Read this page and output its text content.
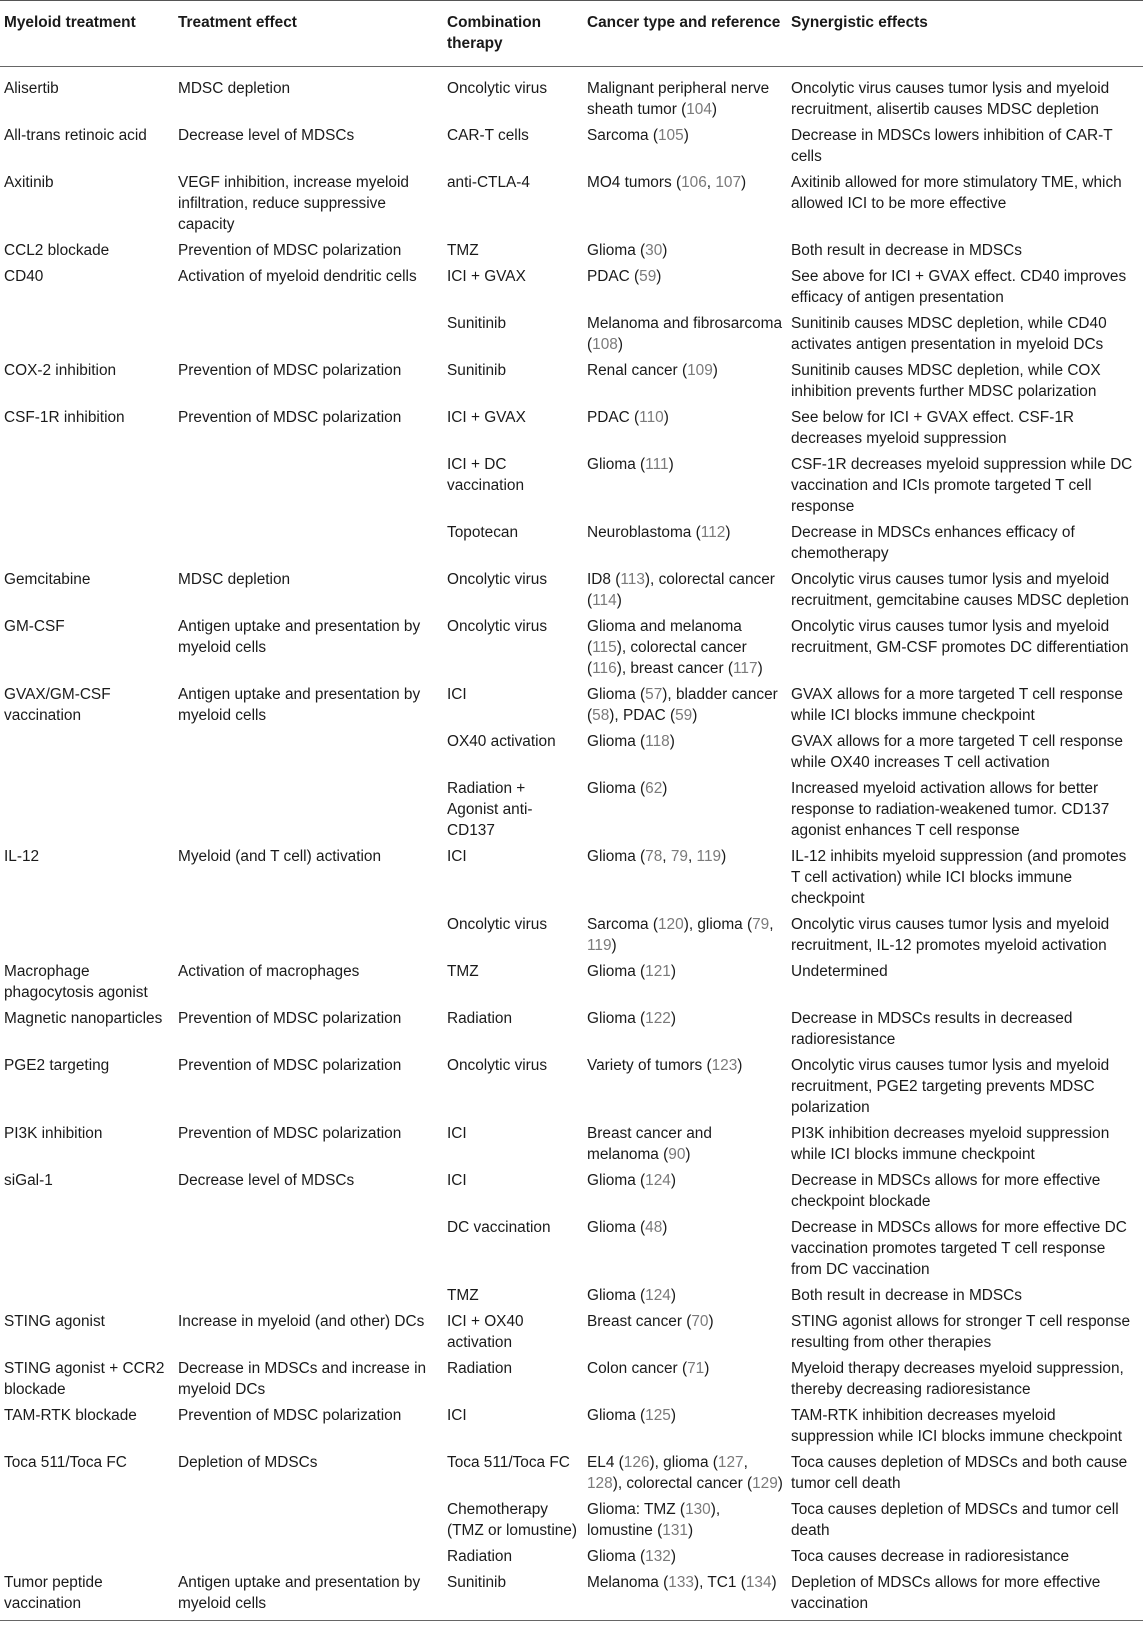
Myeloid treatment	Treatment effect	Combination therapy	Cancer type and reference	Synergistic effects
Alisertib	MDSC depletion	Oncolytic virus	Malignant peripheral nerve sheath tumor (104)	Oncolytic virus causes tumor lysis and myeloid recruitment, alisertib causes MDSC depletion
All-trans retinoic acid	Decrease level of MDSCs	CAR-T cells	Sarcoma (105)	Decrease in MDSCs lowers inhibition of CAR-T cells
Axitinib	VEGF inhibition, increase myeloid infiltration, reduce suppressive capacity	anti-CTLA-4	MO4 tumors (106, 107)	Axitinib allowed for more stimulatory TME, which allowed ICI to be more effective
CCL2 blockade	Prevention of MDSC polarization	TMZ	Glioma (30)	Both result in decrease in MDSCs
CD40	Activation of myeloid dendritic cells	ICI + GVAX	PDAC (59)	See above for ICI + GVAX effect. CD40 improves efficacy of antigen presentation
		Sunitinib	Melanoma and fibrosarcoma (108)	Sunitinib causes MDSC depletion, while CD40 activates antigen presentation in myeloid DCs
COX-2 inhibition	Prevention of MDSC polarization	Sunitinib	Renal cancer (109)	Sunitinib causes MDSC depletion, while COX inhibition prevents further MDSC polarization
CSF-1R inhibition	Prevention of MDSC polarization	ICI + GVAX	PDAC (110)	See below for ICI + GVAX effect. CSF-1R decreases myeloid suppression
		ICI + DC vaccination	Glioma (111)	CSF-1R decreases myeloid suppression while DC vaccination and ICIs promote targeted T cell response
		Topotecan	Neuroblastoma (112)	Decrease in MDSCs enhances efficacy of chemotherapy
Gemcitabine	MDSC depletion	Oncolytic virus	ID8 (113), colorectal cancer (114)	Oncolytic virus causes tumor lysis and myeloid recruitment, gemcitabine causes MDSC depletion
GM-CSF	Antigen uptake and presentation by myeloid cells	Oncolytic virus	Glioma and melanoma (115), colorectal cancer (116), breast cancer (117)	Oncolytic virus causes tumor lysis and myeloid recruitment, GM-CSF promotes DC differentiation
GVAX/GM-CSF vaccination	Antigen uptake and presentation by myeloid cells	ICI	Glioma (57), bladder cancer (58), PDAC (59)	GVAX allows for a more targeted T cell response while ICI blocks immune checkpoint
		OX40 activation	Glioma (118)	GVAX allows for a more targeted T cell response while OX40 increases T cell activation
		Radiation + Agonist anti-CD137	Glioma (62)	Increased myeloid activation allows for better response to radiation-weakened tumor. CD137 agonist enhances T cell response
IL-12	Myeloid (and T cell) activation	ICI	Glioma (78, 79, 119)	IL-12 inhibits myeloid suppression (and promotes T cell activation) while ICI blocks immune checkpoint
		Oncolytic virus	Sarcoma (120), glioma (79, 119)	Oncolytic virus causes tumor lysis and myeloid recruitment, IL-12 promotes myeloid activation
Macrophage phagocytosis agonist	Activation of macrophages	TMZ	Glioma (121)	Undetermined
Magnetic nanoparticles	Prevention of MDSC polarization	Radiation	Glioma (122)	Decrease in MDSCs results in decreased radioresistance
PGE2 targeting	Prevention of MDSC polarization	Oncolytic virus	Variety of tumors (123)	Oncolytic virus causes tumor lysis and myeloid recruitment, PGE2 targeting prevents MDSC polarization
PI3K inhibition	Prevention of MDSC polarization	ICI	Breast cancer and melanoma (90)	PI3K inhibition decreases myeloid suppression while ICI blocks immune checkpoint
siGal-1	Decrease level of MDSCs	ICI	Glioma (124)	Decrease in MDSCs allows for more effective checkpoint blockade
		DC vaccination	Glioma (48)	Decrease in MDSCs allows for more effective DC vaccination promotes targeted T cell response from DC vaccination
		TMZ	Glioma (124)	Both result in decrease in MDSCs
STING agonist	Increase in myeloid (and other) DCs	ICI + OX40 activation	Breast cancer (70)	STING agonist allows for stronger T cell response resulting from other therapies
STING agonist + CCR2 blockade	Decrease in MDSCs and increase in myeloid DCs	Radiation	Colon cancer (71)	Myeloid therapy decreases myeloid suppression, thereby decreasing radioresistance
TAM-RTK blockade	Prevention of MDSC polarization	ICI	Glioma (125)	TAM-RTK inhibition decreases myeloid suppression while ICI blocks immune checkpoint
Toca 511/Toca FC	Depletion of MDSCs	Toca 511/Toca FC	EL4 (126), glioma (127, 128), colorectal cancer (129)	Toca causes depletion of MDSCs and both cause tumor cell death
		Chemotherapy (TMZ or lomustine)	Glioma: TMZ (130), lomustine (131)	Toca causes depletion of MDSCs and tumor cell death
		Radiation	Glioma (132)	Toca causes decrease in radioresistance
Tumor peptide vaccination	Antigen uptake and presentation by myeloid cells	Sunitinib	Melanoma (133), TC1 (134)	Depletion of MDSCs allows for more effective vaccination
